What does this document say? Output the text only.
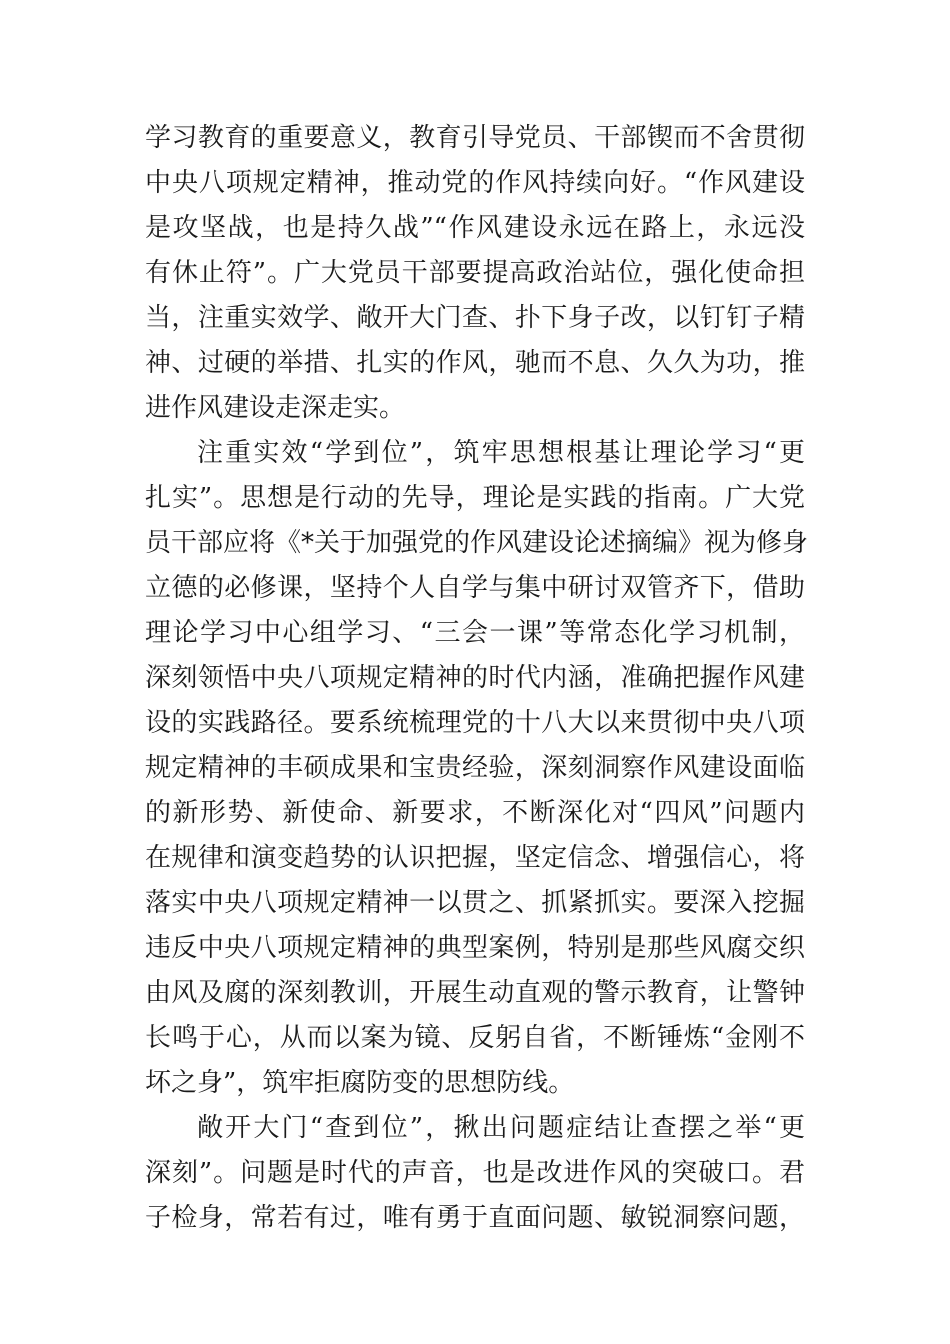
学习教育的重要意义，教育引导党员、干部锲而不舍贯彻
中央八项规定精神，推动党的作风持续向好。“作风建设
是攻坚战，也是持久战”“作风建设永远在路上，永远没
有休止符”。广大党员干部要提高政治站位，强化使命担
当，注重实效学、敞开大门查、扑下身子改，以钉钉子精
神、过硬的举措、扎实的作风，驰而不息、久久为功，推
进作风建设走深走实。
注重实效“学到位”，筑牢思想根基让理论学习“更
扎实”。思想是行动的先导，理论是实践的指南。广大党
员干部应将《*关于加强党的作风建设论述摘编》视为修身
立德的必修课，坚持个人自学与集中研讨双管齐下，借助
理论学习中心组学习、“三会一课”等常态化学习机制，
深刻领悟中央八项规定精神的时代内涵，准确把握作风建
设的实践路径。要系统梳理党的十八大以来贯彻中央八项
规定精神的丰硕成果和宝贵经验，深刻洞察作风建设面临
的新形势、新使命、新要求，不断深化对“四风”问题内
在规律和演变趋势的认识把握，坚定信念、增强信心，将
落实中央八项规定精神一以贯之、抓紧抓实。要深入挖掘
违反中央八项规定精神的典型案例，特别是那些风腐交织
由风及腐的深刻教训，开展生动直观的警示教育，让警钟
长鸣于心，从而以案为镜、反躬自省，不断锤炼“金刚不
坏之身”，筑牢拒腐防变的思想防线。
敞开大门“查到位”，揪出问题症结让查摆之举“更
深刻”。问题是时代的声音，也是改进作风的突破口。君
子检身，常若有过，唯有勇于直面问题、敏锐洞察问题，
